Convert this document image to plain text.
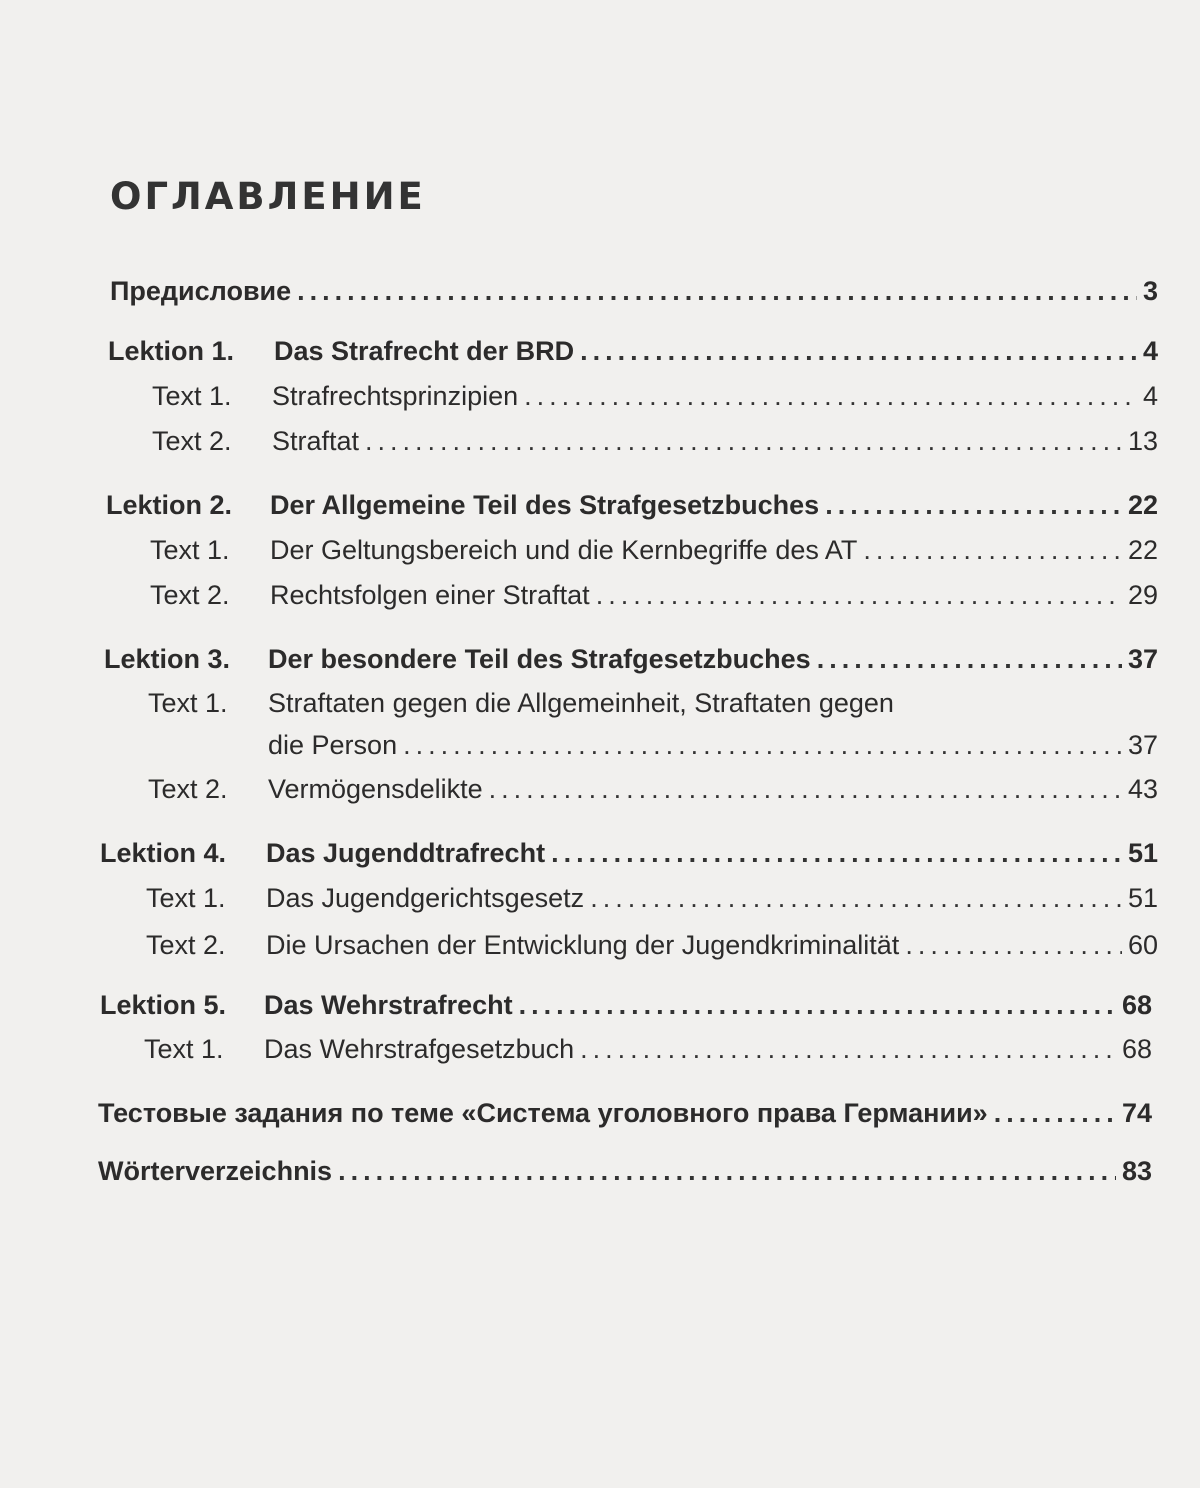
ОГЛАВЛЕНИЕ
Предисловие .....	3
Lektion 1.	Das Strafrecht der BRD .....	4
Text 1.	Strafrechtsprinzipien .....	4
Text 2.	Straftat .....	13
Lektion 2.	Der Allgemeine Teil des Strafgesetzbuches .....	22
Text 1.	Der Geltungsbereich und die Kernbegriffe des AT .....	22
Text 2.	Rechtsfolgen einer Straftat .....	29
Lektion 3.	Der besondere Teil des Strafgesetzbuches .....	37
Text 1.	Straftaten gegen die Allgemeinheit, Straftaten gegen
die Person .....	37
Text 2.	Vermögensdelikte .....	43
Lektion 4.	Das Jugenddtrafrecht .....	51
Text 1.	Das Jugendgerichtsgesetz .....	51
Text 2.	Die Ursachen der Entwicklung der Jugendkriminalität .....	60
Lektion 5.	Das Wehrstrafrecht .....	68
Text 1.	Das Wehrstrafgesetzbuch .....	68
Тестовые задания по теме «Система уголовного права Германии» .....	74
Wörterverzeichnis .....	83
